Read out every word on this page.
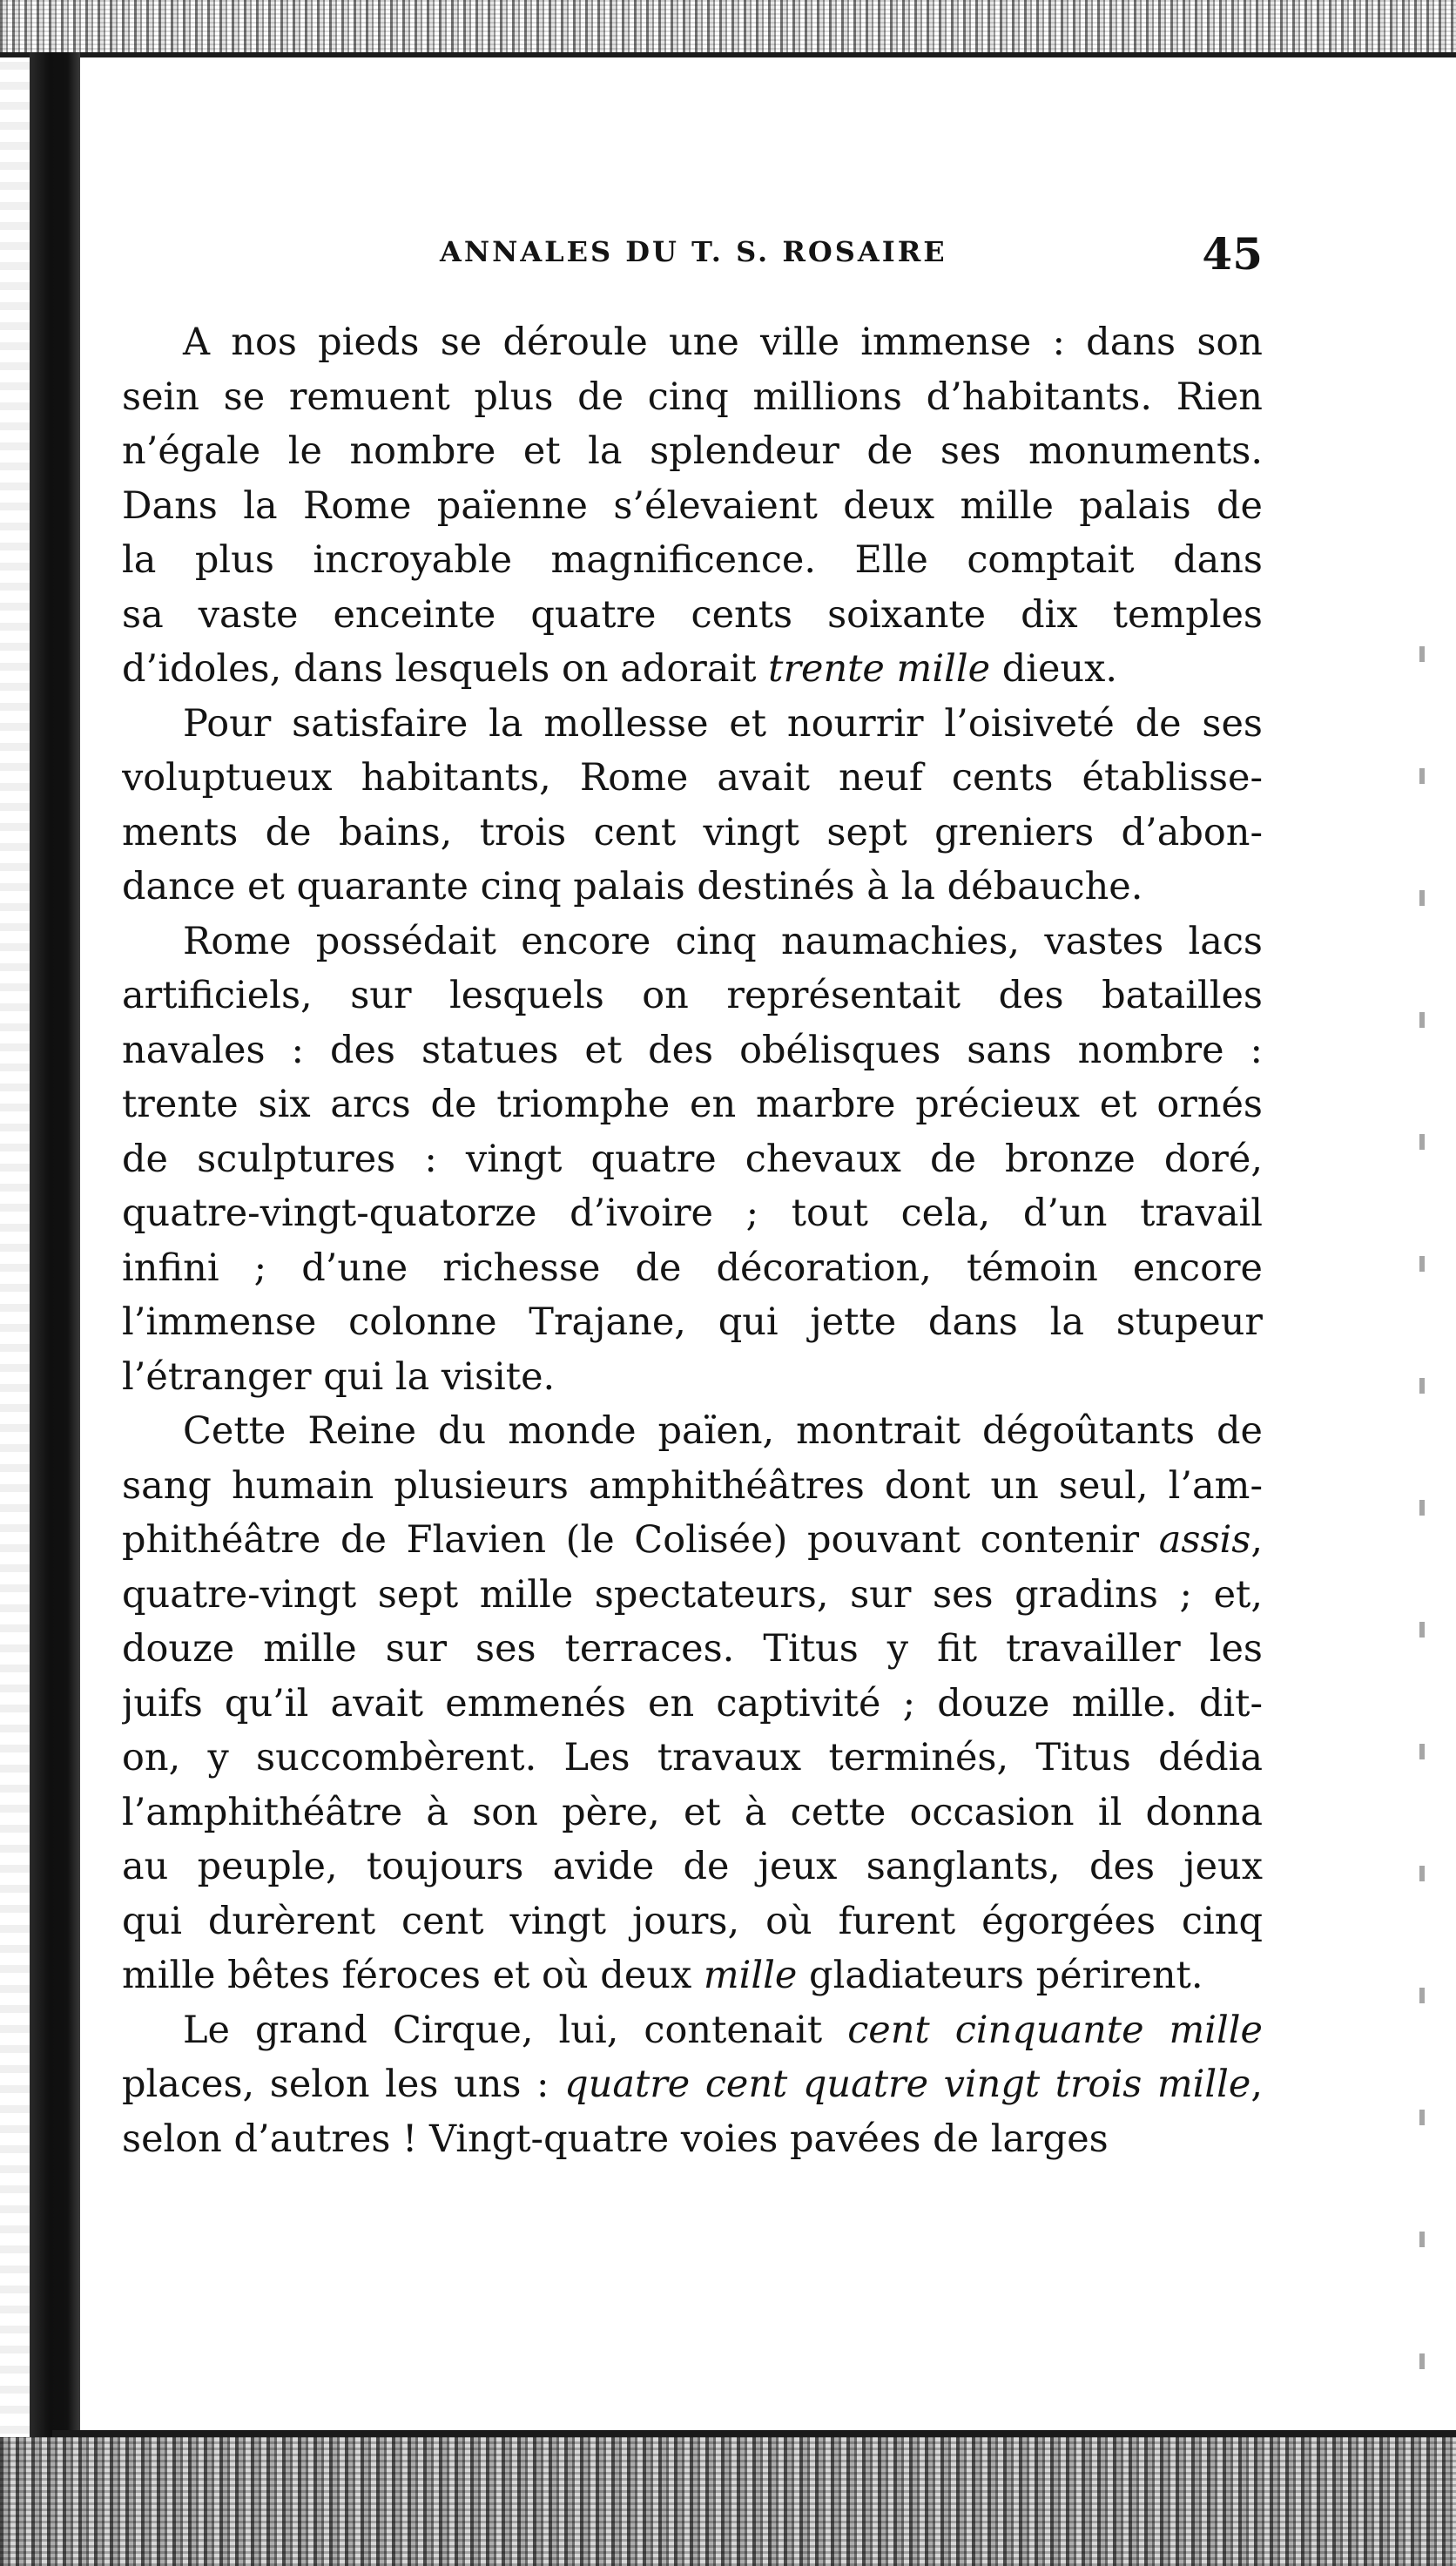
ANNALES DU T. S. ROSAIRE	45
A nos pieds se déroule une ville immense : dans son
sein se remuent plus de cinq millions d’habitants. Rien
n’égale le nombre et la splendeur de ses monuments.
Dans la Rome païenne s’élevaient deux mille palais de
la plus incroyable magnificence. Elle comptait dans
sa vaste enceinte quatre cents soixante dix temples
d’idoles, dans lesquels on adorait trente mille dieux.
Pour satisfaire la mollesse et nourrir l’oisiveté de ses
voluptueux habitants, Rome avait neuf cents établisse-
ments de bains, trois cent vingt sept greniers d’abon-
dance et quarante cinq palais destinés à la débauche.
Rome possédait encore cinq naumachies, vastes lacs
artificiels, sur lesquels on représentait des batailles
navales : des statues et des obélisques sans nombre :
trente six arcs de triomphe en marbre précieux et ornés
de sculptures : vingt quatre chevaux de bronze doré,
quatre-vingt-quatorze d’ivoire ; tout cela, d’un travail
infini ; d’une richesse de décoration, témoin encore
l’immense colonne Trajane, qui jette dans la stupeur
l’étranger qui la visite.
Cette Reine du monde païen, montrait dégoûtants de
sang humain plusieurs amphithéâtres dont un seul, l’am-
phithéâtre de Flavien (le Colisée) pouvant contenir assis,
quatre-vingt sept mille spectateurs, sur ses gradins ; et,
douze mille sur ses terraces. Titus y fit travailler les
juifs qu’il avait emmenés en captivité ; douze mille. dit-
on, y succombèrent. Les travaux terminés, Titus dédia
l’amphithéâtre à son père, et à cette occasion il donna
au peuple, toujours avide de jeux sanglants, des jeux
qui durèrent cent vingt jours, où furent égorgées cinq
mille bêtes féroces et où deux mille gladiateurs périrent.
Le grand Cirque, lui, contenait cent cinquante mille
places, selon les uns : quatre cent quatre vingt trois mille,
selon d’autres ! Vingt-quatre voies pavées de larges
